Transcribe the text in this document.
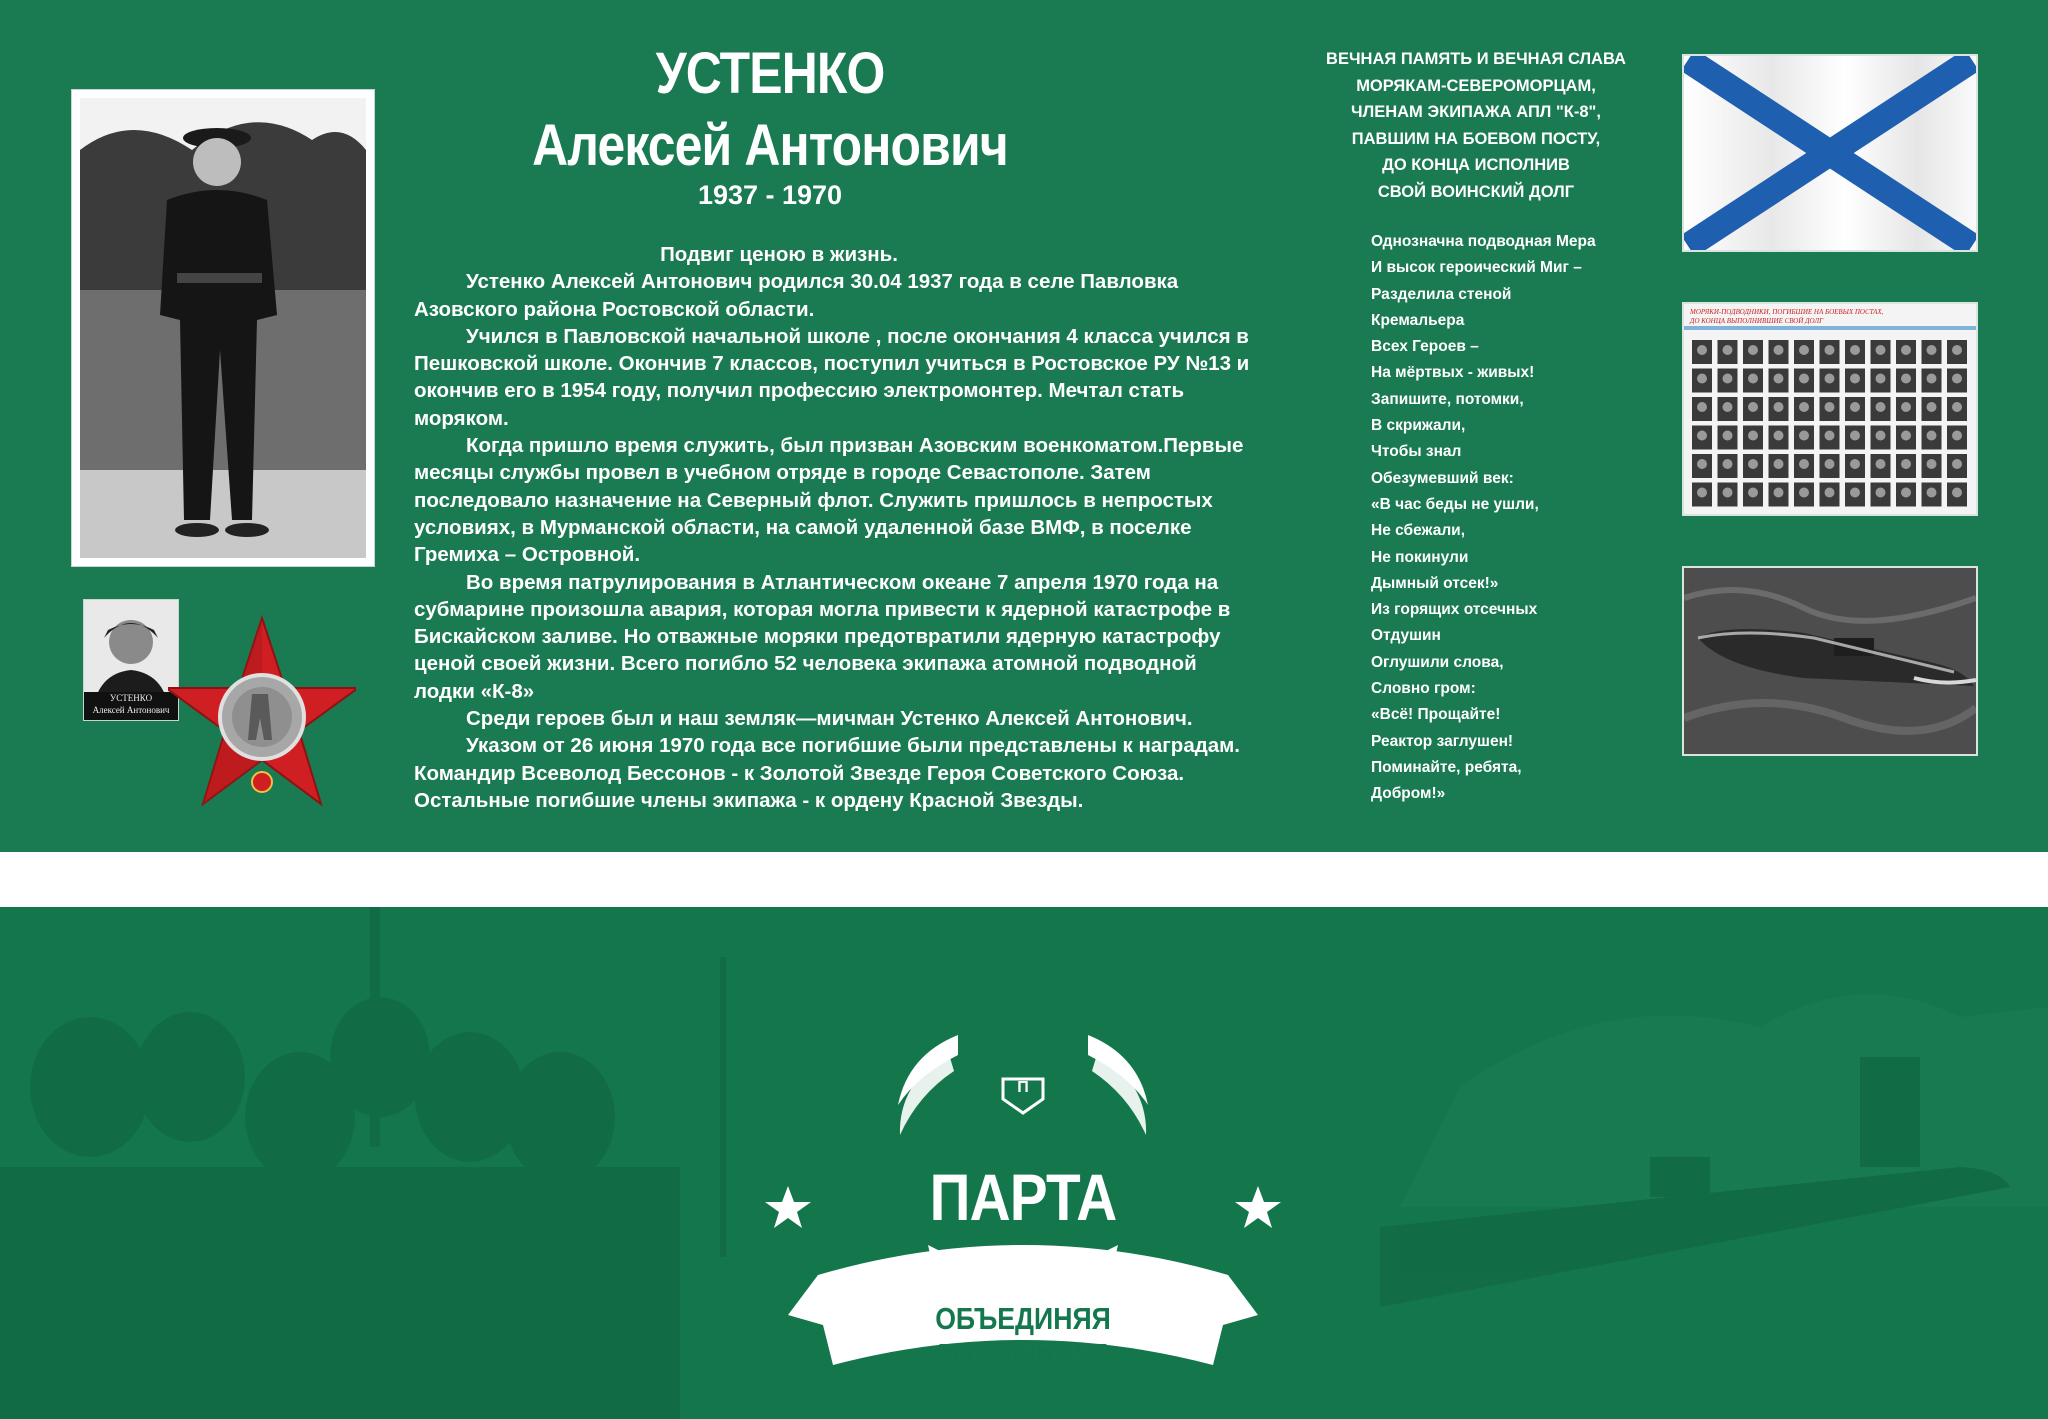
УСТЕНКО
Алексей Антонович
УСТЕНКО
Алексей Антонович
1937 - 1970

Подвиг ценою в жизнь.

Устенко Алексей Антонович родился 30.04 1937 года в селе Павловка Азовского района Ростовской области.

Учился в Павловской начальной школе , после окончания 4 класса учился в Пешковской школе. Окончив 7 классов, поступил учиться в Ростовское РУ №13 и окончив его в 1954 году, получил профессию электромонтер. Мечтал стать моряком.

Когда пришло время служить, был призван Азовским военкоматом.Первые месяцы службы провел в учебном отряде в городе Севастополе. Затем последовало назначение на Северный флот. Служить пришлось в непростых условиях, в Мурманской области, на самой удаленной базе ВМФ, в поселке Гремиха – Островной.

Во время патрулирования в Атлантическом океане 7 апреля 1970 года на субмарине произошла авария, которая могла привести к ядерной катастрофе в Бискайском заливе. Но отважные моряки предотвратили ядерную катастрофу ценой своей жизни. Всего погибло 52 человека экипажа атомной подводной лодки «К-8»

Среди героев был и наш земляк—мичман Устенко Алексей Антонович.

Указом от 26 июня 1970 года все погибшие были представлены к наградам. Командир Всеволод Бессонов - к Золотой Звезде Героя Советского Союза. Остальные погибшие члены экипажа - к ордену Красной Звезды.

ВЕЧНАЯ ПАМЯТЬ И ВЕЧНАЯ СЛАВА
МОРЯКАМ-СЕВЕРОМОРЦАМ,
ЧЛЕНАМ ЭКИПАЖА АПЛ "К-8",
ПАВШИМ НА БОЕВОМ ПОСТУ,
ДО КОНЦА ИСПОЛНИВ
СВОЙ ВОИНСКИЙ ДОЛГ
Однозначна подводная Мера
И высок героический Миг –
Разделила стеной
Кремальера
Всех Героев –
На мёртвых - живых!
Запишите, потомки,
В скрижали,
Чтобы знал
Обезумевший век:
«В час беды не ушли,
Не сбежали,
Не покинули
Дымный отсек!»
Из горящих отсечных
Отдушин
Оглушили слова,
Словно гром:
«Всё! Прощайте!
Реактор заглушен!
Поминайте, ребята,
Добром!»
МОРЯКИ-ПОДВОДНИКИ, ПОГИБШИЕ НА БОЕВЫХ ПОСТАХ, ДО КОНЦА ВЫПОЛНИВШИЕ СВОЙ ДОЛГ
П
ПАРТА ГЕРОЯ
ОБЪЕДИНЯЯ ПОКОЛЕНИЯ
